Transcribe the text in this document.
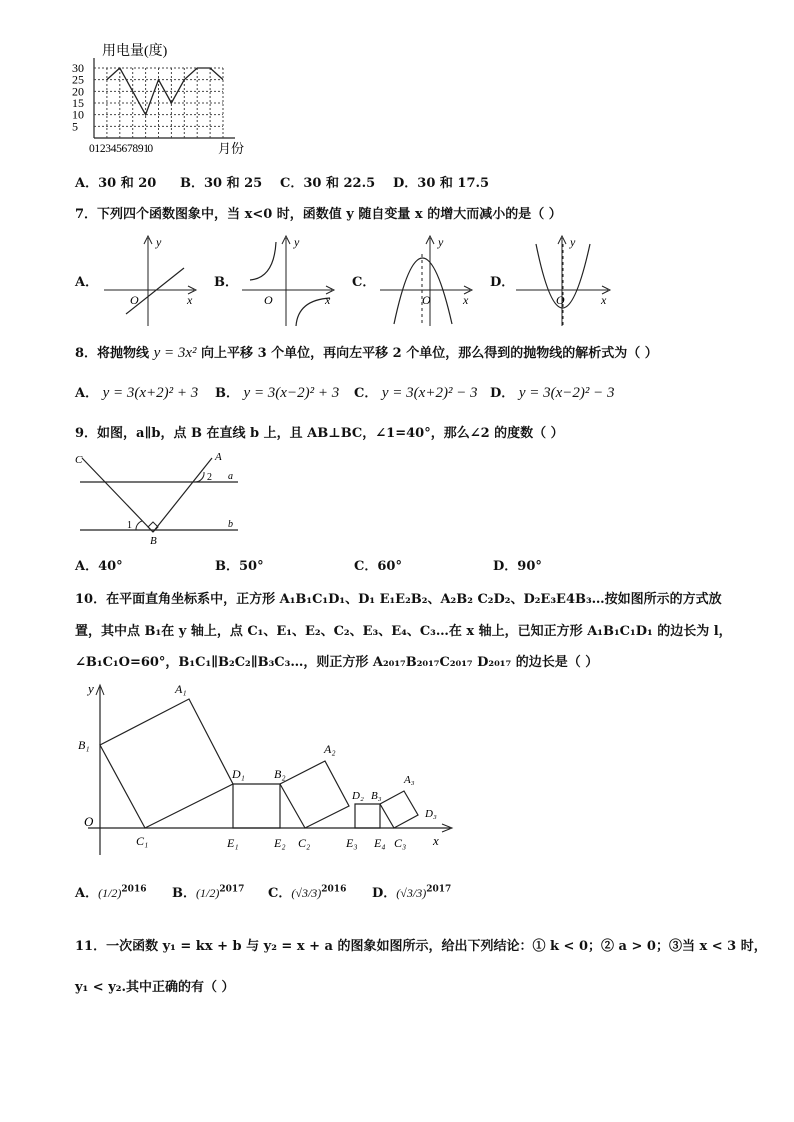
用电量(度)
30
25
20
15
10
5
0 1 2 3 4 5 6 7 8 9 10	月份
A．30 和 20 B．30 和 25 C．30 和 22.5 D．30 和 17.5
7．下列四个函数图象中，当 x<0 时，函数值 y 随自变量 x 的增大而减小的是（ ）
A．
y
x
O
B．
y
x
O
C．
y
x
O
D．
y
x
O
8．将抛物线 y = 3x² 向上平移 3 个单位，再向左平移 2 个单位，那么得到的抛物线的解析式为（ ）
A． y = 3(x+2)² + 3 B． y = 3(x−2)² + 3 C． y = 3(x+2)² − 3 D． y = 3(x−2)² − 3
9．如图，a∥b，点 B 在直线 b 上，且 AB⊥BC，∠1=40°，那么∠2 的度数（ ）
C	A
B
a
b
1
2
A．40°	B．50°	C．60°	D．90°
10．在平面直角坐标系中，正方形 A₁B₁C₁D₁、D₁ E₁E₂B₂、A₂B₂ C₂D₂、D₂E₃E4B₃…按如图所示的方式放
置，其中点 B₁在 y 轴上，点 C₁、E₁、E₂、C₂、E₃、E₄、C₃…在 x 轴上，已知正方形 A₁B₁C₁D₁ 的边长为 l，
∠B₁C₁O=60°，B₁C₁∥B₂C₂∥B₃C₃…，则正方形 A₂₀₁₇B₂₀₁₇C₂₀₁₇ D₂₀₁₇ 的边长是（ ）
y
x
O
A₁
B₁
C₁
D₁
E₁	E₂
B₂
A₂
C₂
D₂ B₃
E₃ E₄ C₃
A₃
D₃
A．$(1/2)^{2016}$ B．$(1/2)^{2017}$ C．$(√3/3)^{2016}$ D．$(√3/3)^{2017}$
11．一次函数 y₁ = kx + b 与 y₂ = x + a 的图象如图所示，给出下列结论：① k < 0；② a > 0；③当 x < 3 时，
y₁ < y₂.其中正确的有（ ）
